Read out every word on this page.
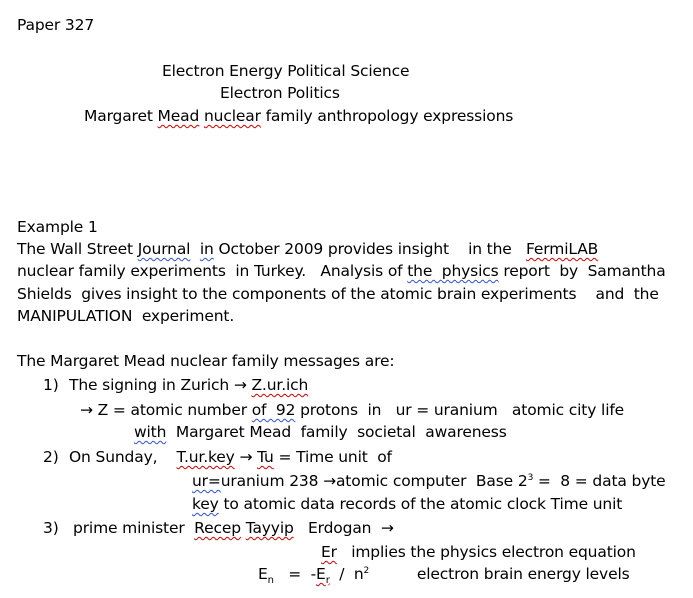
Paper 327
Electron Energy Political Science
Electron Politics
Margaret Mead nuclear family anthropology expressions
Example 1
The Wall Street Journal in October 2009 provides insight    in the   FermiLAB
nuclear family experiments  in Turkey.   Analysis of the  physics report  by  Samantha
Shields  gives insight to the components of the atomic brain experiments    and  the
MANIPULATION  experiment.
The Margaret Mead nuclear family messages are:
1) The signing in Zurich → Z.ur.ich
→ Z = atomic number of  92 protons  in   ur = uranium   atomic city life
with  Margaret Mead  family  societal  awareness
2) On Sunday,    T.ur.key → Tu = Time unit  of
ur=uranium 238 →atomic computer  Base $2^3 = 8$ = data byte
key to atomic data records of the atomic clock Time unit
3) prime minister  Recep Tayyip   Erdogan  →
Er   implies the physics electron equation
$E_n = -E_r / n^2$          electron brain energy levels
